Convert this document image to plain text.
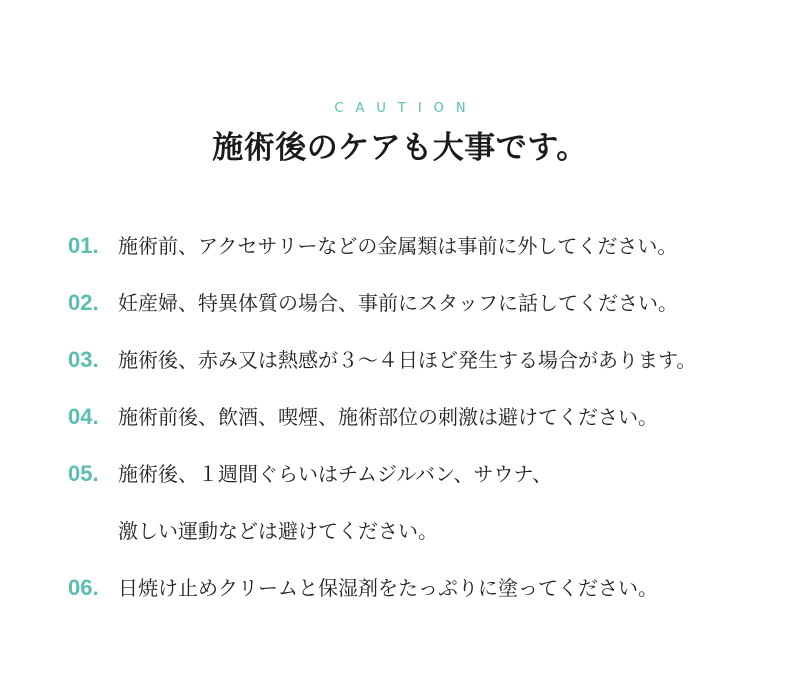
CAUTION
施術後のケアも大事です。
01. 施術前、アクセサリーなどの金属類は事前に外してください。
02. 妊産婦、特異体質の場合、事前にスタッフに話してください。
03. 施術後、赤み又は熱感が３～４日ほど発生する場合があります。
04. 施術前後、飲酒、喫煙、施術部位の刺激は避けてください。
05. 施術後、１週間ぐらいはチムジルバン、サウナ、
激しい運動などは避けてください。
06. 日焼け止めクリームと保湿剤をたっぷりに塗ってください。
